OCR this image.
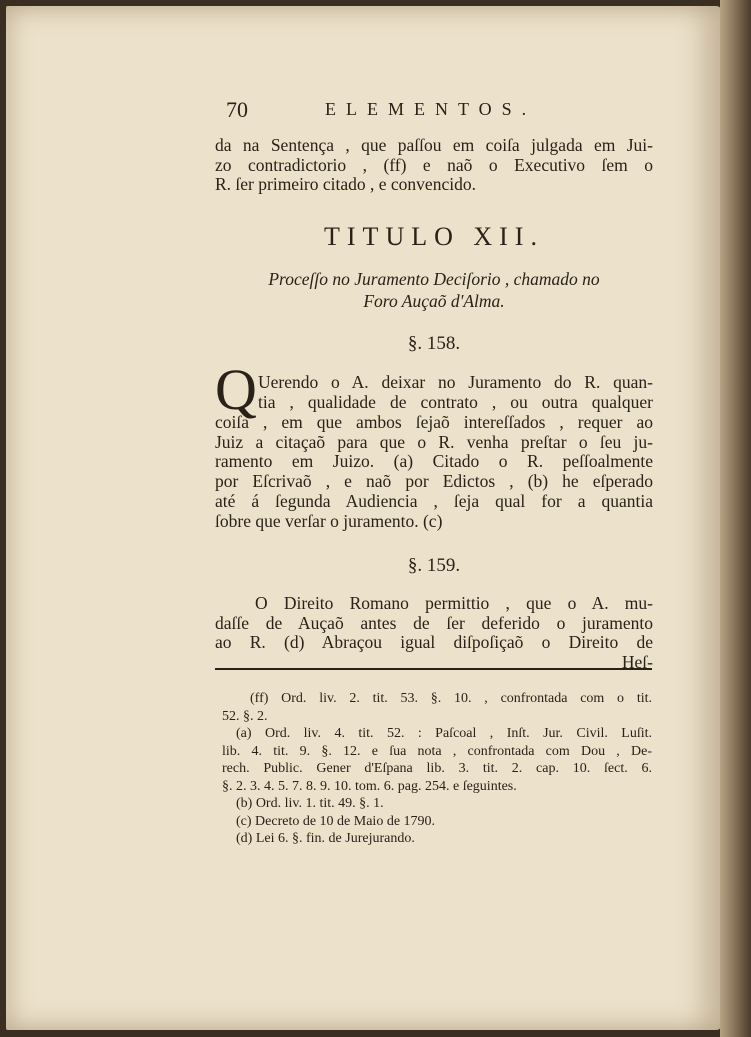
70	ELEMENTOS.
da na Sentença , que paſſou em coiſa julgada em Jui-
zo contradictorio , (ff) e naõ o Executivo ſem o
R. ſer primeiro citado , e convencido.
TITULO XII.
Proceſſo no Juramento Deciſorio , chamado no
Foro Auçaõ d'Alma.
§. 158.
Q Uerendo o A. deixar no Juramento do R. quan-
tia , qualidade de contrato , ou outra qualquer
coiſa , em que ambos ſejaõ intereſſados , requer ao
Juiz a citaçaõ para que o R. venha preſtar o ſeu ju-
ramento em Juizo. (a) Citado o R. peſſoalmente
por Eſcrivaõ , e naõ por Edictos , (b) he eſperado
até á ſegunda Audiencia , ſeja qual for a quantia
ſobre que verſar o juramento. (c)
§. 159.
O Direito Romano permittio , que o A. mu-
daſſe de Auçaõ antes de ſer deferido o juramento
ao R. (d) Abraçou igual diſpoſiçaõ o Direito de
Heſ-
(ff) Ord. liv. 2. tit. 53. §. 10. , confrontada com o tit.
52. §. 2.
(a) Ord. liv. 4. tit. 52. : Paſcoal , Inſt. Jur. Civil. Luſit.
lib. 4. tit. 9. §. 12. e ſua nota , confrontada com Dou , De-
rech. Public. Gener d'Eſpana lib. 3. tit. 2. cap. 10. ſect. 6.
§. 2. 3. 4. 5. 7. 8. 9. 10. tom. 6. pag. 254. e ſeguintes.
(b) Ord. liv. 1. tit. 49. §. 1.
(c) Decreto de 10 de Maio de 1790.
(d) Lei 6. §. fin. de Jurejurando.
